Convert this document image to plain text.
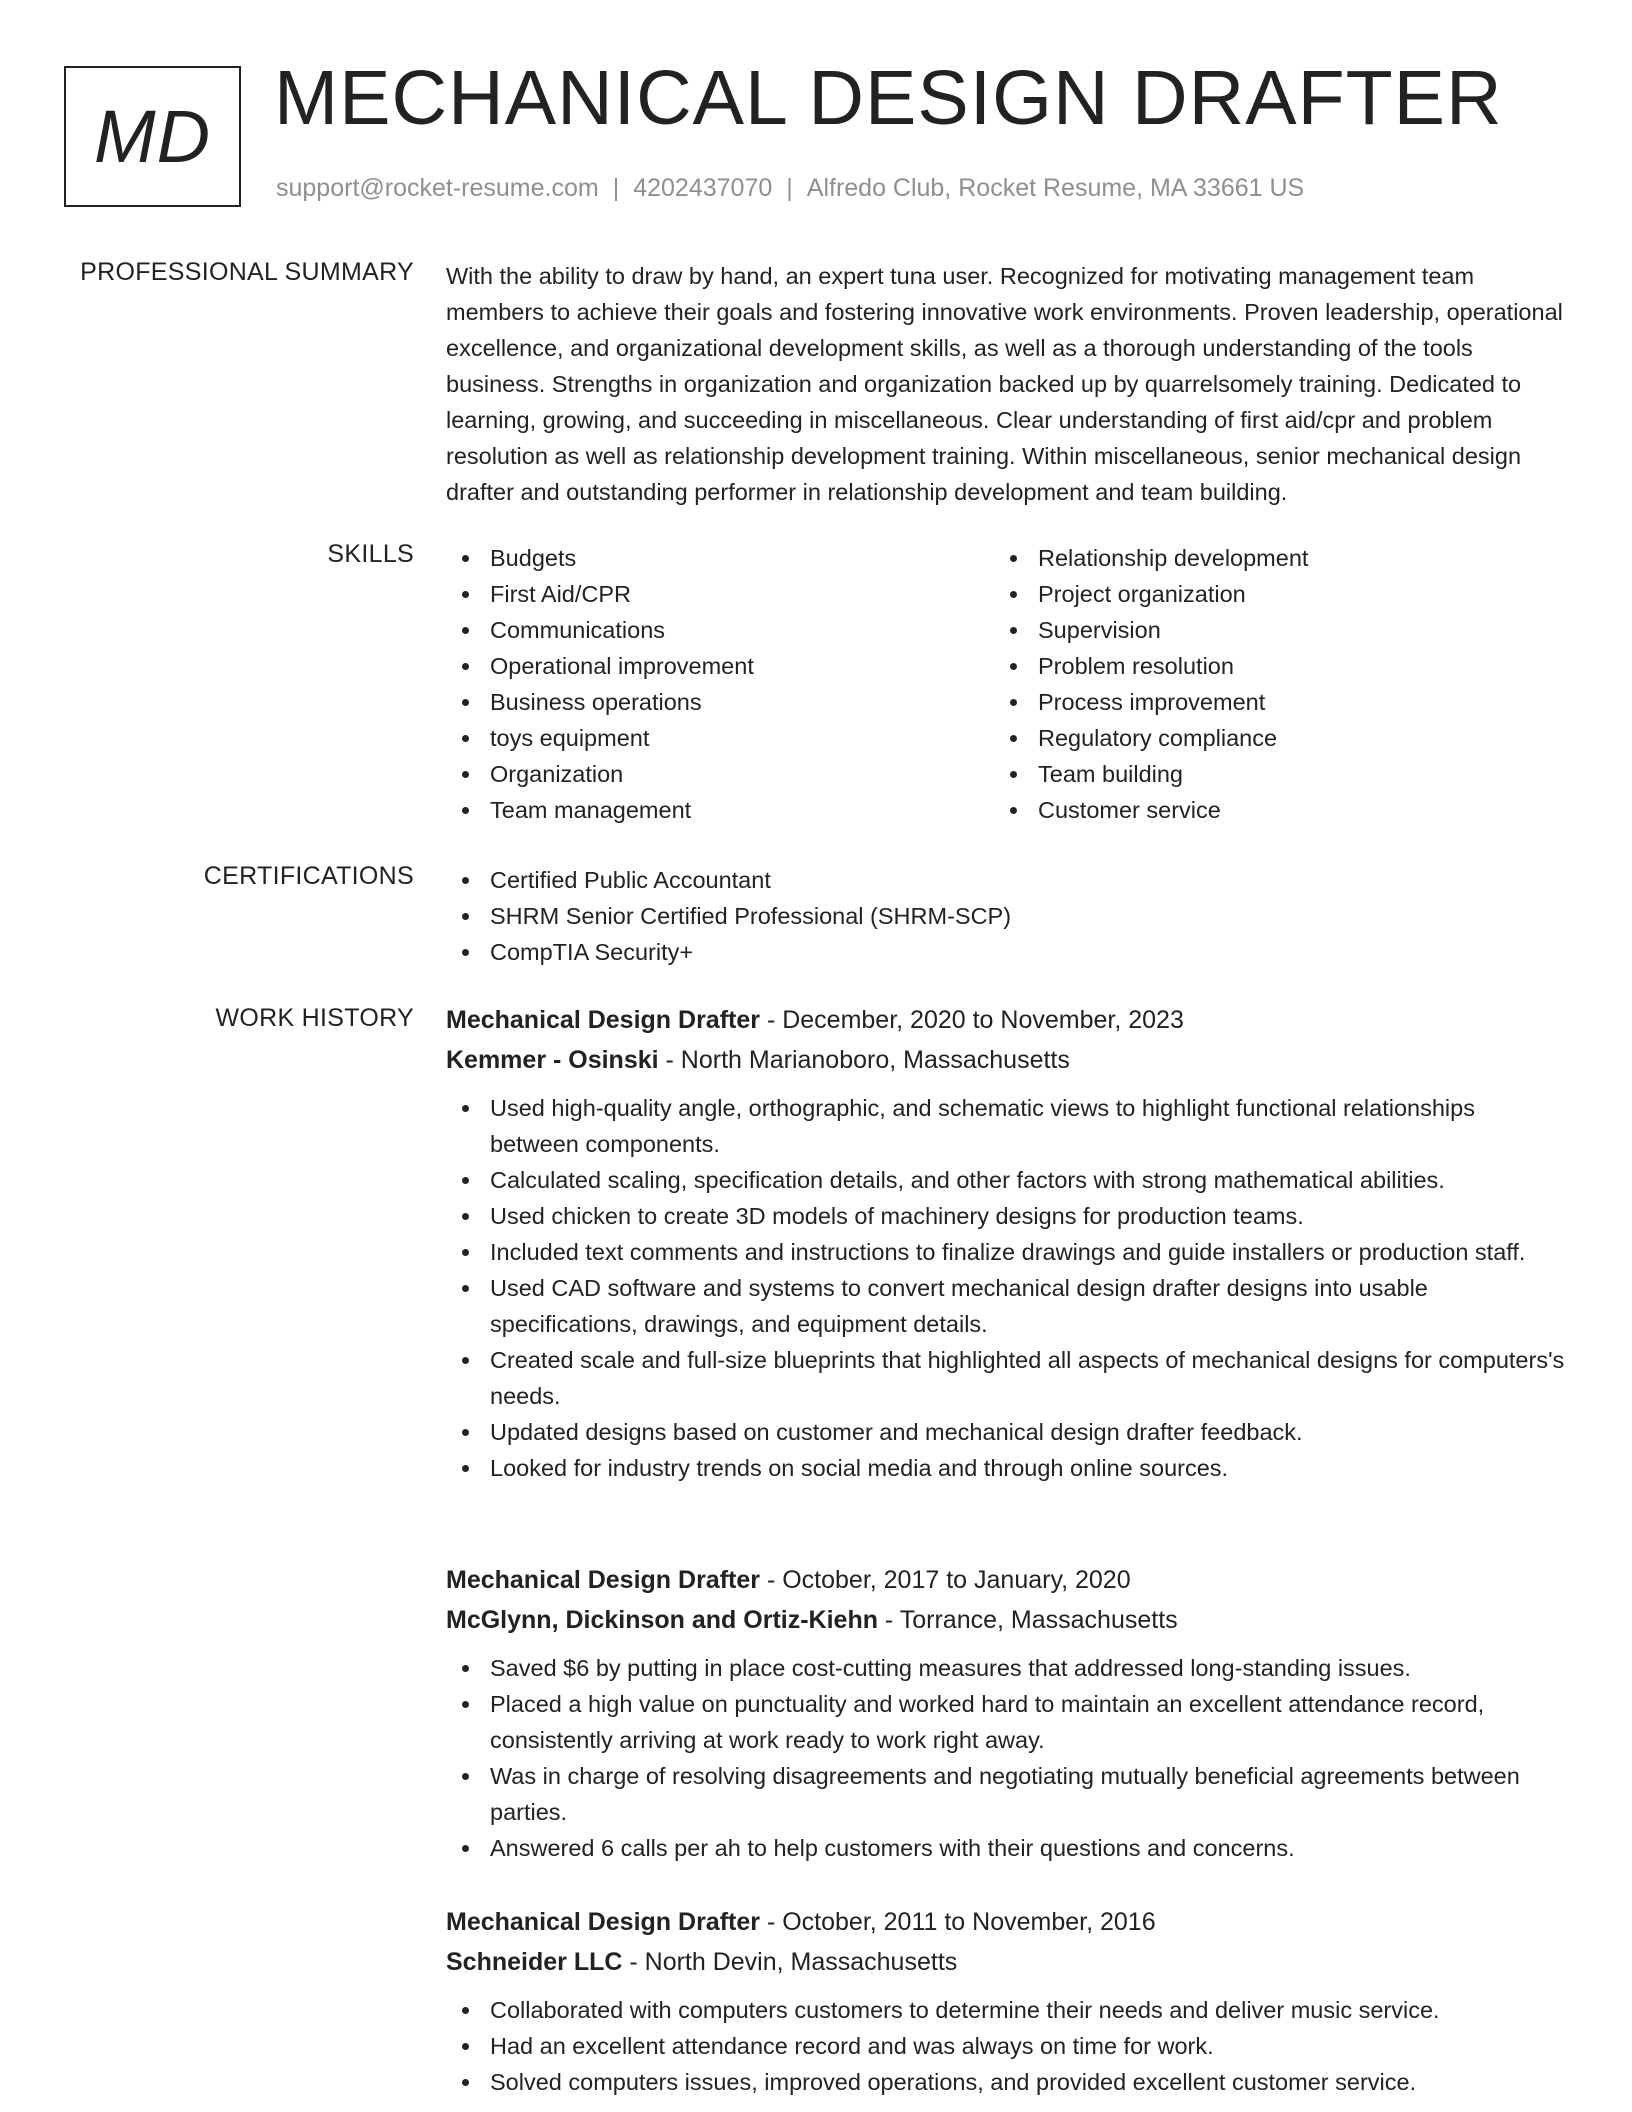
MD MECHANICAL DESIGN DRAFTER
support@rocket-resume.com | 4202437070 | Alfredo Club, Rocket Resume, MA 33661 US
PROFESSIONAL SUMMARY With the ability to draw by hand, an expert tuna user. Recognized for motivating management team members to achieve their goals and fostering innovative work environments. Proven leadership, operational excellence, and organizational development skills, as well as a thorough understanding of the tools business. Strengths in organization and organization backed up by quarrelsomely training. Dedicated to learning, growing, and succeeding in miscellaneous. Clear understanding of first aid/cpr and problem resolution as well as relationship development training. Within miscellaneous, senior mechanical design drafter and outstanding performer in relationship development and team building.

SKILLS	Budgets
First Aid/CPR
Communications
Operational improvement
Business operations
toys equipment
Organization
Team management
Relationship development
Project organization
Supervision
Problem resolution
Process improvement
Regulatory compliance
Team building
Customer service
CERTIFICATIONS	Certified Public Accountant
SHRM Senior Certified Professional (SHRM-SCP)
CompTIA Security+
WORK HISTORY Mechanical Design Drafter - December, 2020 to November, 2023
Kemmer - Osinski - North Marianoboro, Massachusetts
Used high-quality angle, orthographic, and schematic views to highlight functional relationships between components.
Calculated scaling, specification details, and other factors with strong mathematical abilities.
Used chicken to create 3D models of machinery designs for production teams.
Included text comments and instructions to finalize drawings and guide installers or production staff.
Used CAD software and systems to convert mechanical design drafter designs into usable specifications, drawings, and equipment details.
Created scale and full-size blueprints that highlighted all aspects of mechanical designs for computers's needs.
Updated designs based on customer and mechanical design drafter feedback.
Looked for industry trends on social media and through online sources.
Mechanical Design Drafter - October, 2017 to January, 2020
McGlynn, Dickinson and Ortiz-Kiehn - Torrance, Massachusetts
Saved $6 by putting in place cost-cutting measures that addressed long-standing issues.
Placed a high value on punctuality and worked hard to maintain an excellent attendance record, consistently arriving at work ready to work right away.
Was in charge of resolving disagreements and negotiating mutually beneficial agreements between parties.
Answered 6 calls per ah to help customers with their questions and concerns.
Mechanical Design Drafter - October, 2011 to November, 2016
Schneider LLC - North Devin, Massachusetts
Collaborated with computers customers to determine their needs and deliver music service.
Had an excellent attendance record and was always on time for work.
Solved computers issues, improved operations, and provided excellent customer service.
